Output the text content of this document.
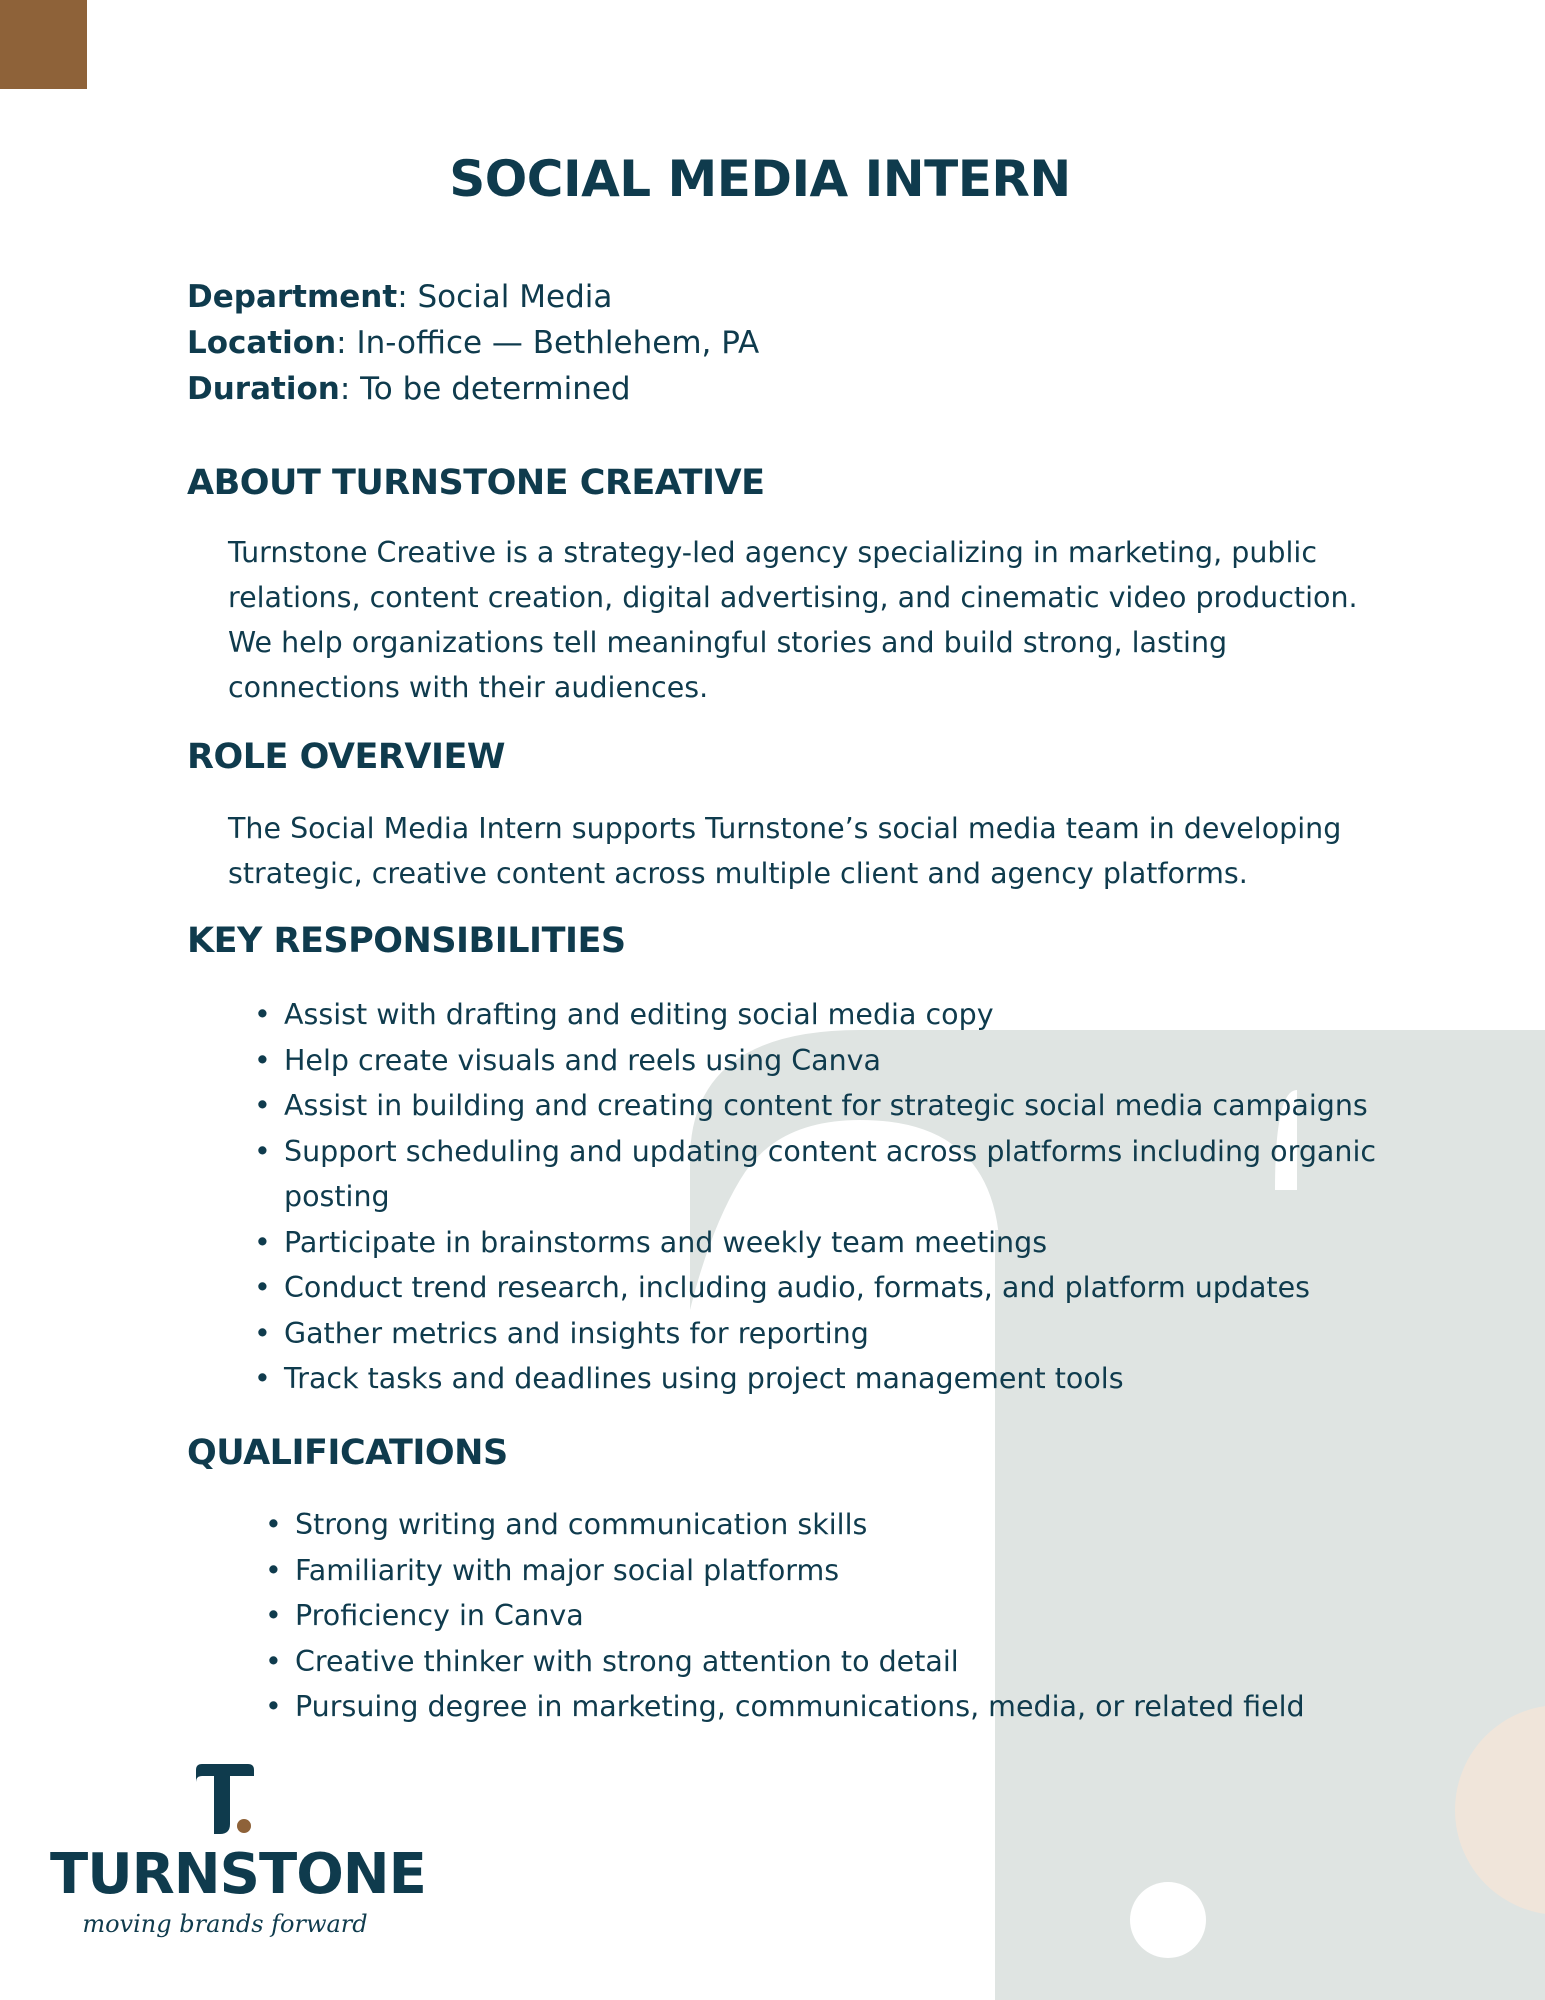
SOCIAL MEDIA INTERN
Department: Social Media
Location: In-office — Bethlehem, PA
Duration: To be determined
ABOUT TURNSTONE CREATIVE

Turnstone Creative is a strategy-led agency specializing in marketing, public relations, content creation, digital advertising, and cinematic video production. We help organizations tell meaningful stories and build strong, lasting connections with their audiences.

ROLE OVERVIEW

The Social Media Intern supports Turnstone’s social media team in developing strategic, creative content across multiple client and agency platforms.

KEY RESPONSIBILITIES
• Assist with drafting and editing social media copy
• Help create visuals and reels using Canva
• Assist in building and creating content for strategic social media campaigns
• Support scheduling and updating content across platforms including organic posting
• Participate in brainstorms and weekly team meetings
• Conduct trend research, including audio, formats, and platform updates
• Gather metrics and insights for reporting
• Track tasks and deadlines using project management tools
QUALIFICATIONS
• Strong writing and communication skills
• Familiarity with major social platforms
• Proficiency in Canva
• Creative thinker with strong attention to detail
• Pursuing degree in marketing, communications, media, or related field
TURNSTONE
moving brands forward
